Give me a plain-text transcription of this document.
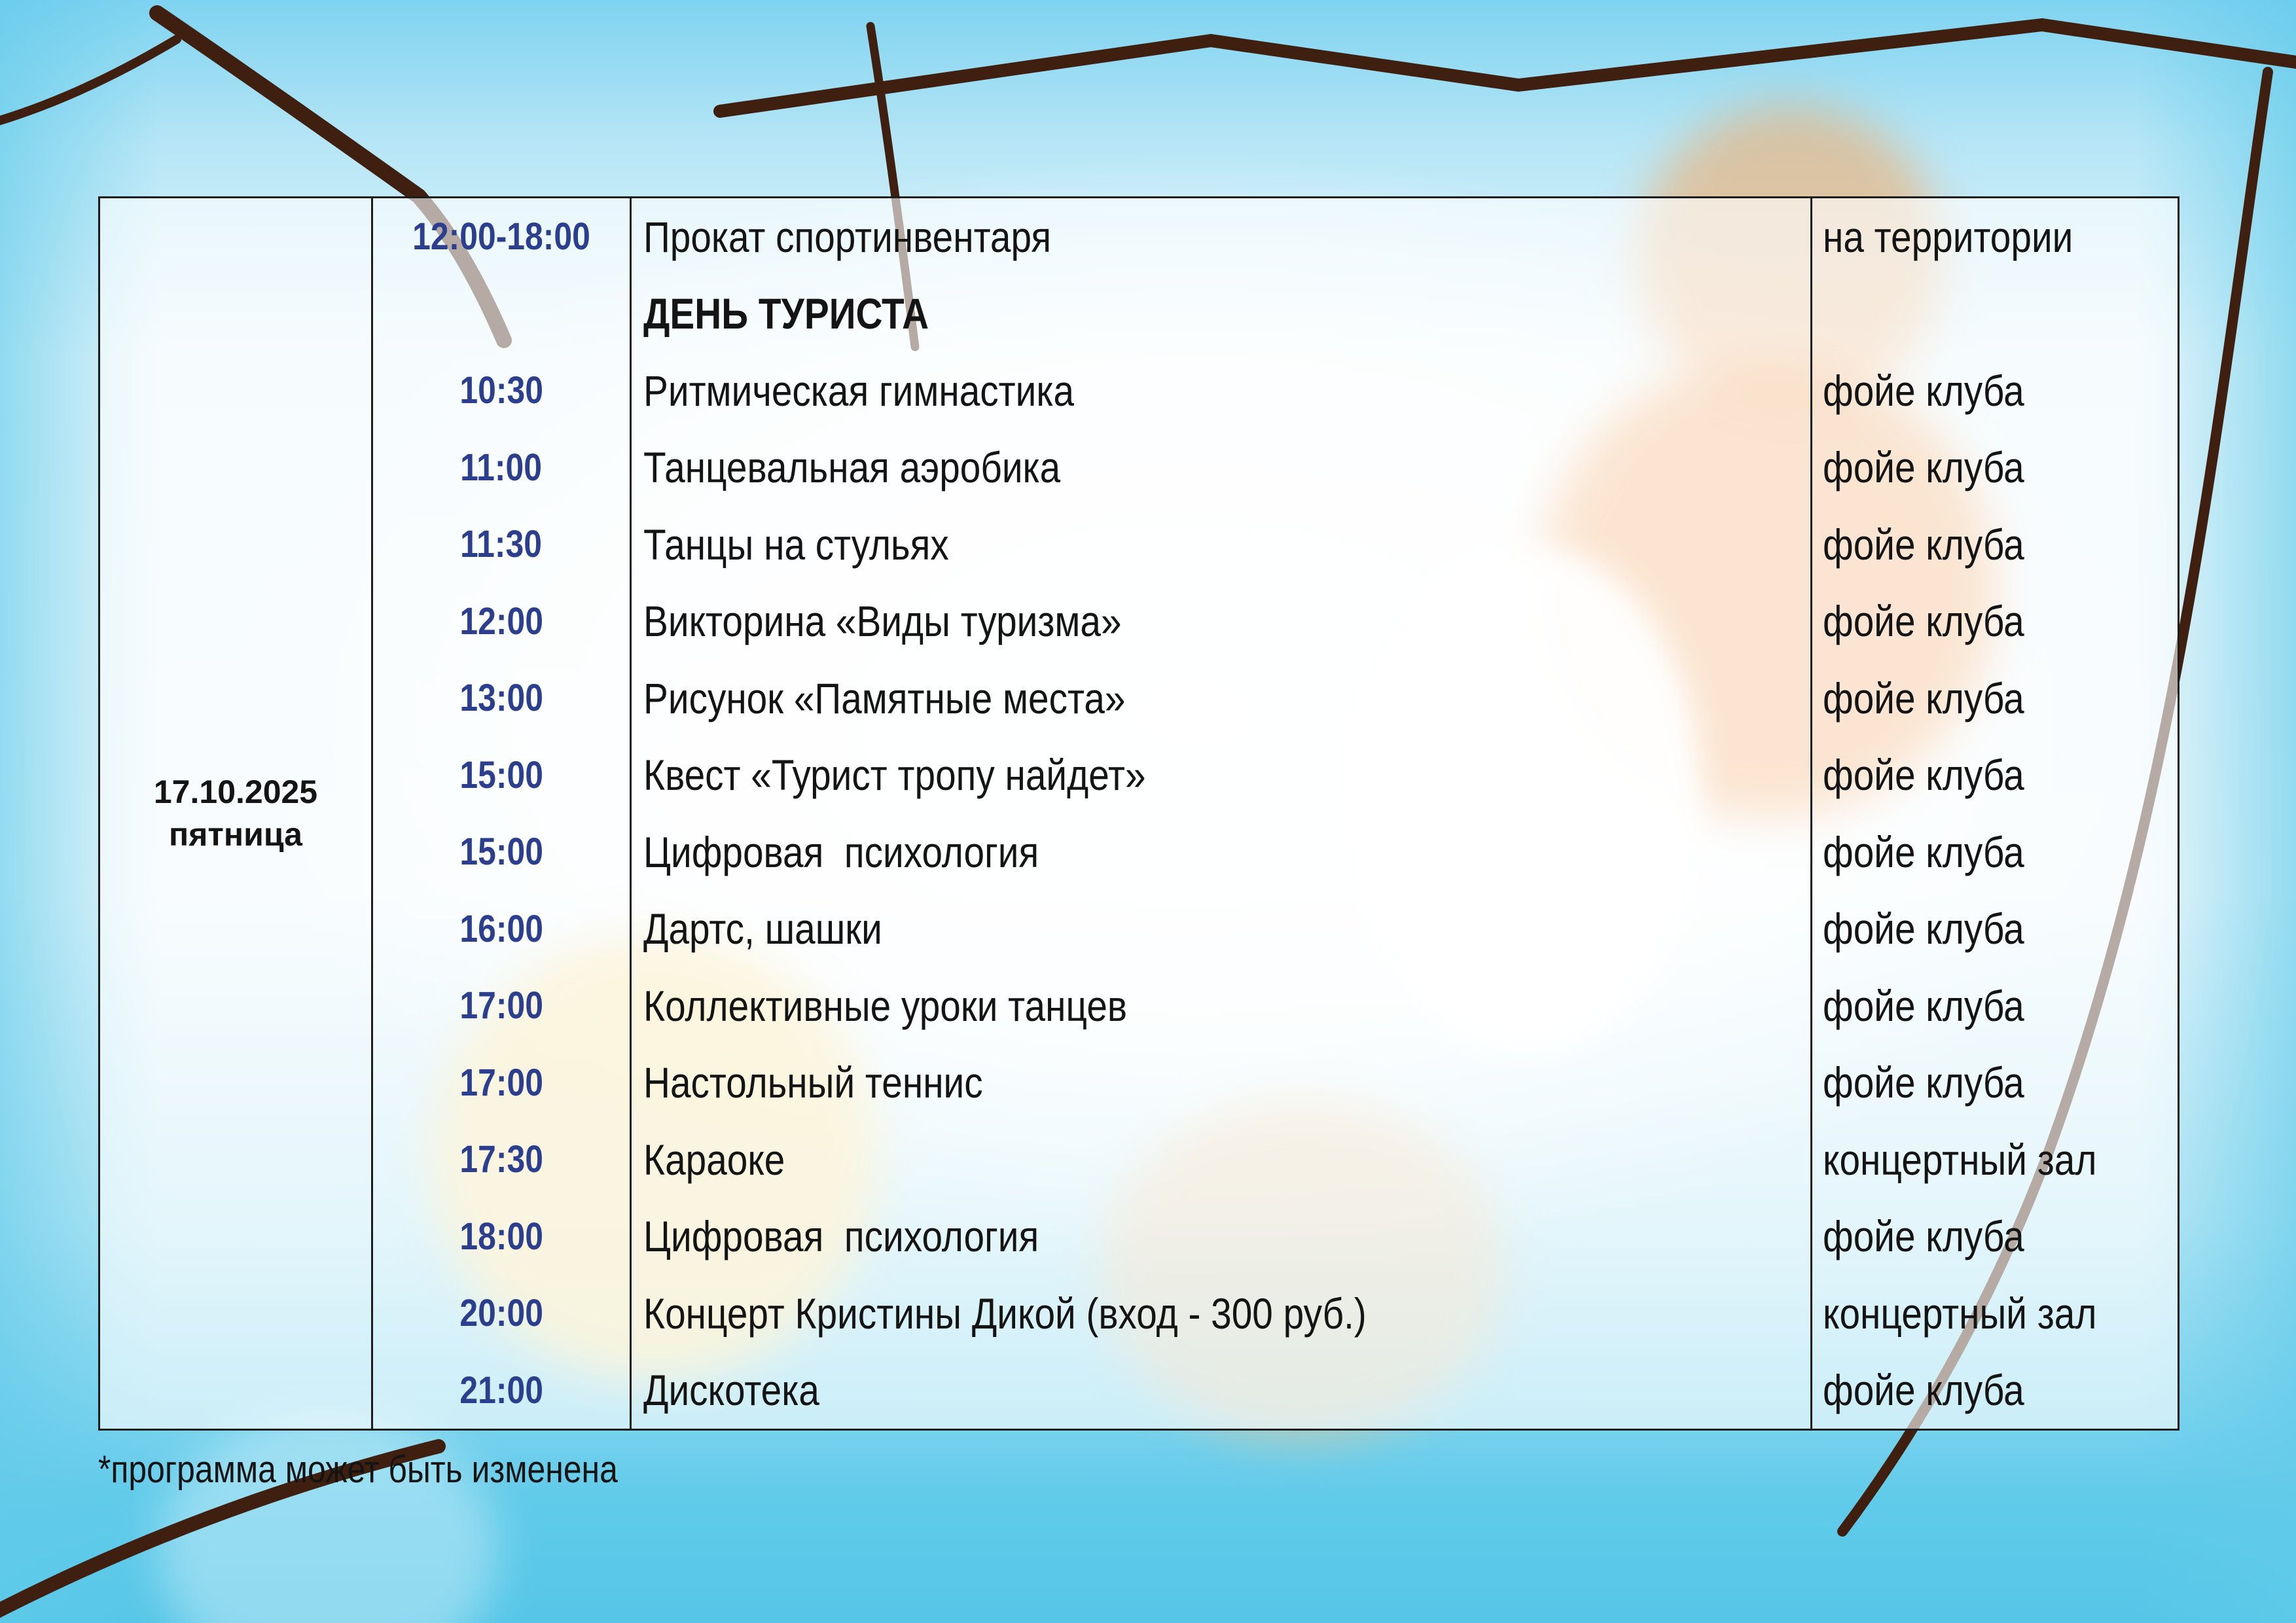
17.10.2025
пятница
12:00-18:00 Прокат спортинвентаря	на территории
ДЕНЬ ТУРИСТА
10:30 Ритмическая гимнастика	фойе клуба
11:00 Танцевальная аэробика	фойе клуба
11:30 Танцы на стульях	фойе клуба
12:00 Викторина «Виды туризма»	фойе клуба
13:00 Рисунок «Памятные места»	фойе клуба
15:00 Квест «Турист тропу найдет»	фойе клуба
15:00 Цифровая  психология	фойе клуба
16:00 Дартс, шашки	фойе клуба
17:00 Коллективные уроки танцев	фойе клуба
17:00 Настольный теннис	фойе клуба
17:30 Караоке	концертный зал
18:00 Цифровая  психология	фойе клуба
20:00 Концерт Кристины Дикой (вход - 300 руб.)	концертный зал
21:00 Дискотека	фойе клуба
*программа может быть изменена
